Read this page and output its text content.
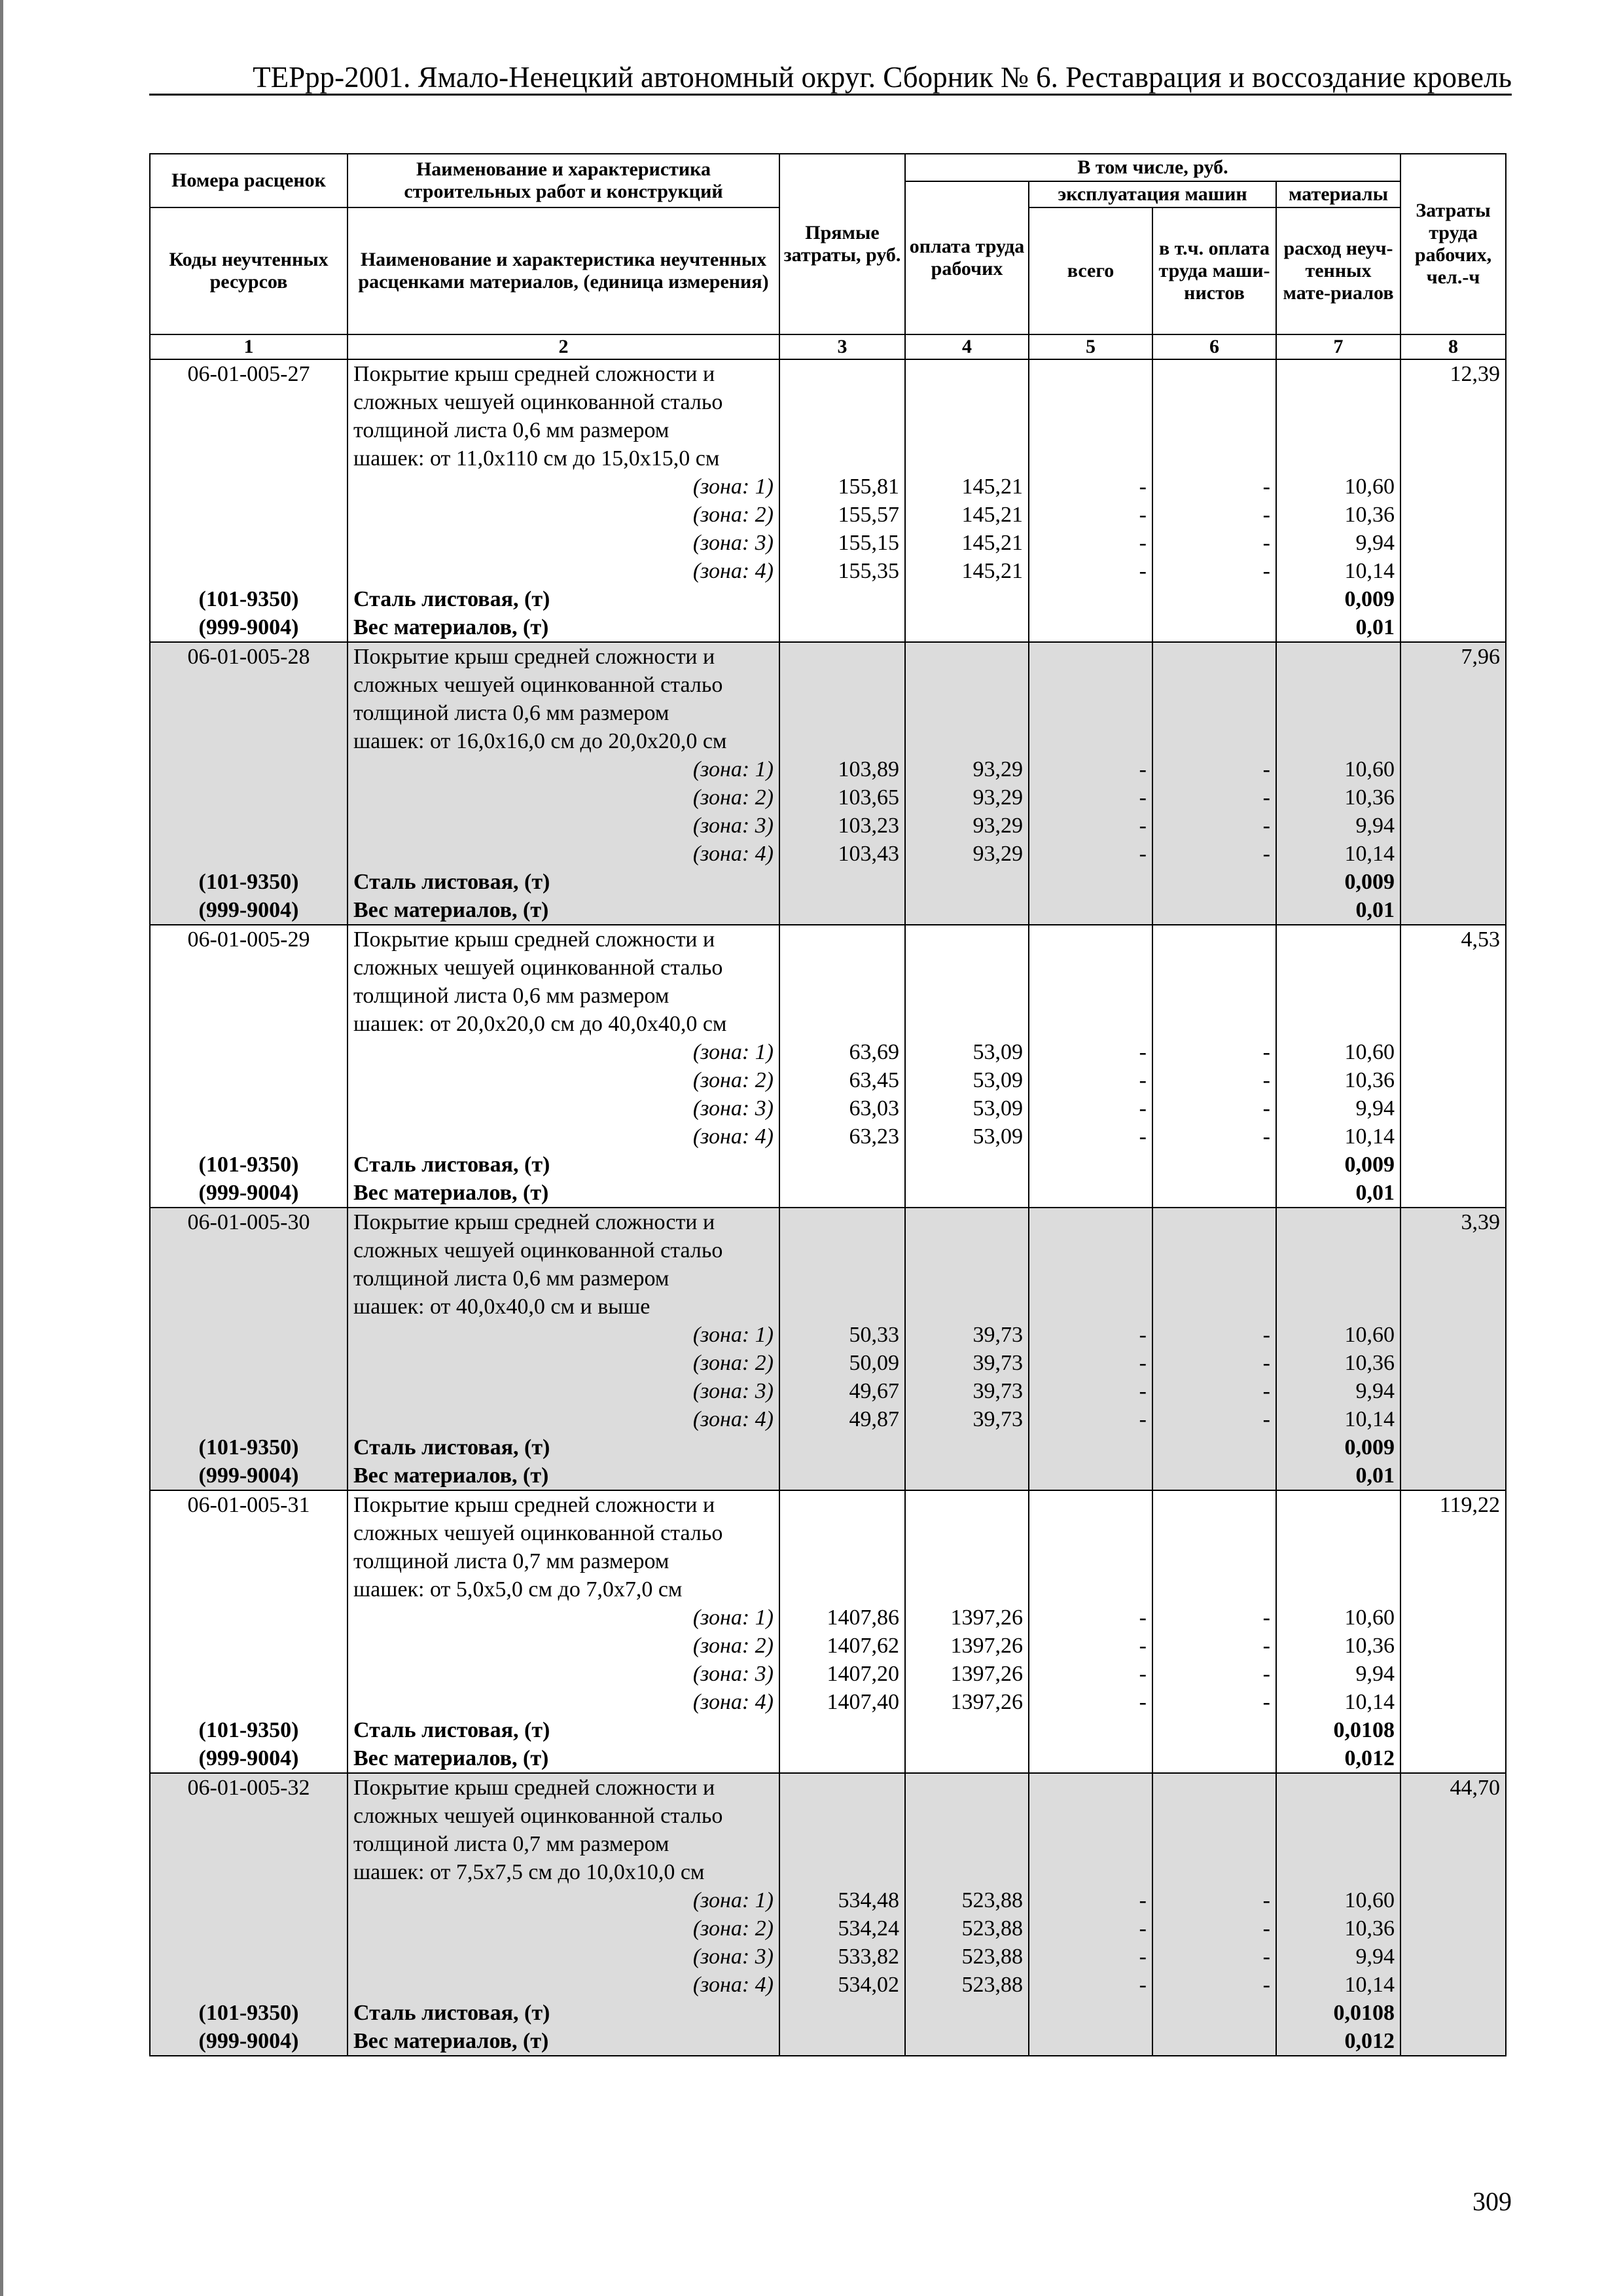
ТЕРрр-2001. Ямало-Ненецкий автономный округ. Сборник № 6. Реставрация и воссоздание кровель
Номера расценок	Наименование и характеристика строительных работ и конструкций	Прямые затраты, руб.	В том числе, руб.				Затраты труда рабочих, чел.-ч
			оплата труда рабочих	эксплуатация машин		материалы	
Коды неучтенных ресурсов	Наименование и характеристика неучтенных расценками материалов, (единица измерения)			всего	в т.ч. оплата труда маши-нистов	расход неуч-тенных мате-риалов	
1	2	3	4	5	6	7	8
06-01-005-27	Покрытие крыш средней сложности и						12,39
	сложных чешуей оцинкованной стальо						
	толщиной листа 0,6 мм размером						
	шашек: от 11,0х110 см до 15,0х15,0 см						
	(зона: 1)	155,81	145,21	-	-	10,60	
	(зона: 2)	155,57	145,21	-	-	10,36	
	(зона: 3)	155,15	145,21	-	-	9,94	
	(зона: 4)	155,35	145,21	-	-	10,14	
(101-9350)	Сталь листовая, (т)					0,009	
(999-9004)	Вес материалов, (т)					0,01	
06-01-005-28	Покрытие крыш средней сложности и						7,96
	сложных чешуей оцинкованной стальо						
	толщиной листа 0,6 мм размером						
	шашек: от 16,0х16,0 см до 20,0х20,0 см						
	(зона: 1)	103,89	93,29	-	-	10,60	
	(зона: 2)	103,65	93,29	-	-	10,36	
	(зона: 3)	103,23	93,29	-	-	9,94	
	(зона: 4)	103,43	93,29	-	-	10,14	
(101-9350)	Сталь листовая, (т)					0,009	
(999-9004)	Вес материалов, (т)					0,01	
06-01-005-29	Покрытие крыш средней сложности и						4,53
	сложных чешуей оцинкованной стальо						
	толщиной листа 0,6 мм размером						
	шашек: от 20,0х20,0 см до 40,0х40,0 см						
	(зона: 1)	63,69	53,09	-	-	10,60	
	(зона: 2)	63,45	53,09	-	-	10,36	
	(зона: 3)	63,03	53,09	-	-	9,94	
	(зона: 4)	63,23	53,09	-	-	10,14	
(101-9350)	Сталь листовая, (т)					0,009	
(999-9004)	Вес материалов, (т)					0,01	
06-01-005-30	Покрытие крыш средней сложности и						3,39
	сложных чешуей оцинкованной стальо						
	толщиной листа 0,6 мм размером						
	шашек: от 40,0х40,0 см и выше						
	(зона: 1)	50,33	39,73	-	-	10,60	
	(зона: 2)	50,09	39,73	-	-	10,36	
	(зона: 3)	49,67	39,73	-	-	9,94	
	(зона: 4)	49,87	39,73	-	-	10,14	
(101-9350)	Сталь листовая, (т)					0,009	
(999-9004)	Вес материалов, (т)					0,01	
06-01-005-31	Покрытие крыш средней сложности и						119,22
	сложных чешуей оцинкованной стальо						
	толщиной листа 0,7 мм размером						
	шашек: от 5,0х5,0 см до 7,0х7,0 см						
	(зона: 1)	1407,86	1397,26	-	-	10,60	
	(зона: 2)	1407,62	1397,26	-	-	10,36	
	(зона: 3)	1407,20	1397,26	-	-	9,94	
	(зона: 4)	1407,40	1397,26	-	-	10,14	
(101-9350)	Сталь листовая, (т)					0,0108	
(999-9004)	Вес материалов, (т)					0,012	
06-01-005-32	Покрытие крыш средней сложности и						44,70
	сложных чешуей оцинкованной стальо						
	толщиной листа 0,7 мм размером						
	шашек: от 7,5х7,5 см до 10,0х10,0 см						
	(зона: 1)	534,48	523,88	-	-	10,60	
	(зона: 2)	534,24	523,88	-	-	10,36	
	(зона: 3)	533,82	523,88	-	-	9,94	
	(зона: 4)	534,02	523,88	-	-	10,14	
(101-9350)	Сталь листовая, (т)					0,0108	
(999-9004)	Вес материалов, (т)					0,012	
309
